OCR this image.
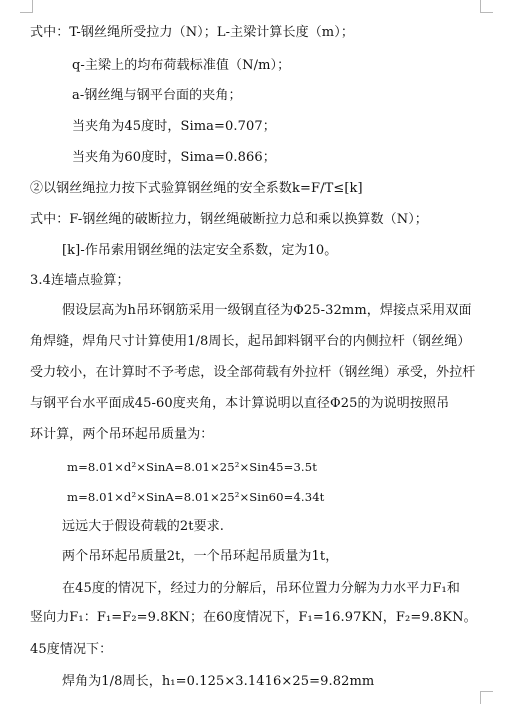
式中：T-钢丝绳所受拉力（N）；L-主梁计算长度（m）；
q-主梁上的均布荷载标准值（N/m）；
a-钢丝绳与钢平台面的夹角；
当夹角为45度时，Sima=0.707；
当夹角为60度时，Sima=0.866；
②以钢丝绳拉力按下式验算钢丝绳的安全系数k=F/T≤[k]
式中：F-钢丝绳的破断拉力，钢丝绳破断拉力总和乘以换算数（N）；
[k]-作吊索用钢丝绳的法定安全系数，定为10。
3.4连墙点验算；
假设层高为h吊环钢筋采用一级钢直径为Φ25-32mm，焊接点采用双面
角焊缝，焊角尺寸计算使用1/8周长，起吊卸料钢平台的内侧拉杆（钢丝绳）
受力较小，在计算时不予考虑，设全部荷载有外拉杆（钢丝绳）承受，外拉杆
与钢平台水平面成45-60度夹角，本计算说明以直径Φ25的为说明按照吊
环计算，两个吊环起吊质量为：
m=8.01×d²×SinA=8.01×25²×Sin45=3.5t
m=8.01×d²×SinA=8.01×25²×Sin60=4.34t
远远大于假设荷载的2t要求.
两个吊环起吊质量2t，一个吊环起吊质量为1t，
在45度的情况下，经过力的分解后，吊环位置力分解为力水平力F₁和
竖向力F₁：F₁=F₂=9.8KN；在60度情况下，F₁=16.97KN，F₂=9.8KN。
45度情况下：
焊角为1/8周长，h₁=0.125×3.1416×25=9.82mm
